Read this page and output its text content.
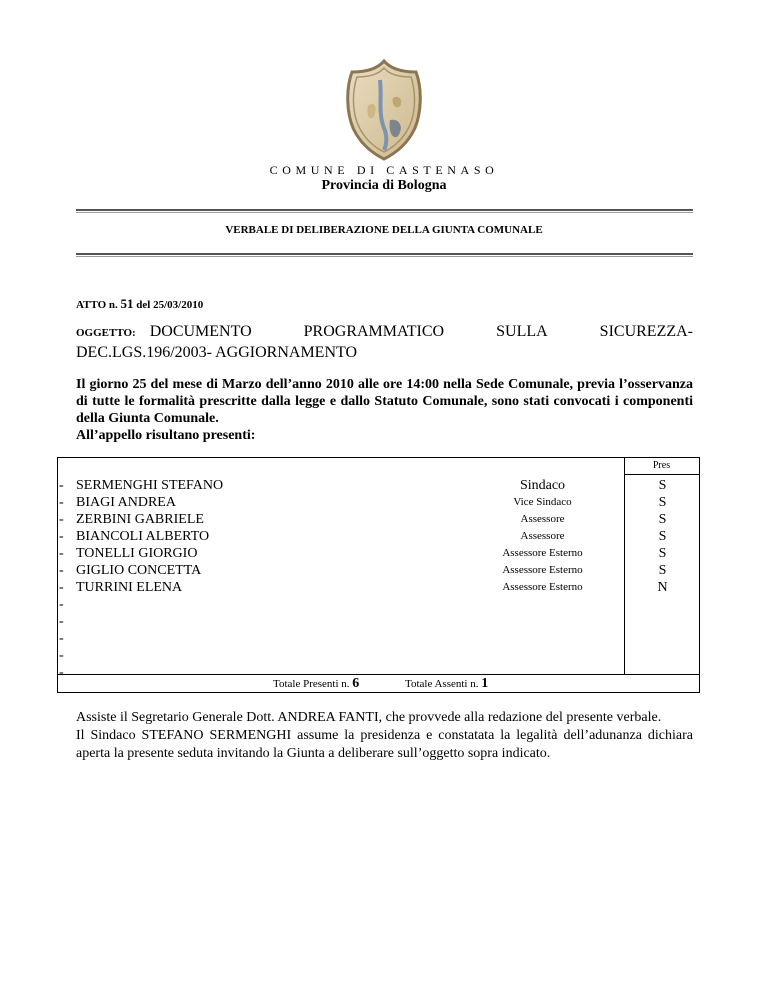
COMUNE DI CASTENASO
Provincia di Bologna
VERBALE DI DELIBERAZIONE DELLA GIUNTA COMUNALE
ATTO n. 51 del 25/03/2010
OGGETTO: DOCUMENTO	PROGRAMMATICO	SULLA	SICUREZZA-
DEC.LGS.196/2003- AGGIORNAMENTO

Il giorno 25 del mese di Marzo dell’anno 2010 alle ore 14:00 nella Sede Comunale, previa l’osservanza di tutte le formalità prescritte dalla legge e dallo Statuto Comunale, sono stati convocati i componenti della Giunta Comunale.

All’appello risultano presenti:

Pres
- SERMENGHI STEFANO	Sindaco	S
- BIAGI ANDREA	Vice Sindaco	S
- ZERBINI GABRIELE	Assessore	S
- BIANCOLI ALBERTO	Assessore	S
- TONELLI GIORGIO	Assessore Esterno	S
- GIGLIO CONCETTA	Assessore Esterno	S
- TURRINI ELENA	Assessore Esterno	N
-
-
-
-
-
Totale Presenti n. 6	Totale Assenti n. 1

Assiste il Segretario Generale Dott. ANDREA FANTI, che provvede alla redazione del presente verbale.

Il Sindaco STEFANO SERMENGHI assume la presidenza e constatata la legalità dell’adunanza dichiara aperta la presente seduta invitando la Giunta a deliberare sull’oggetto sopra indicato.
